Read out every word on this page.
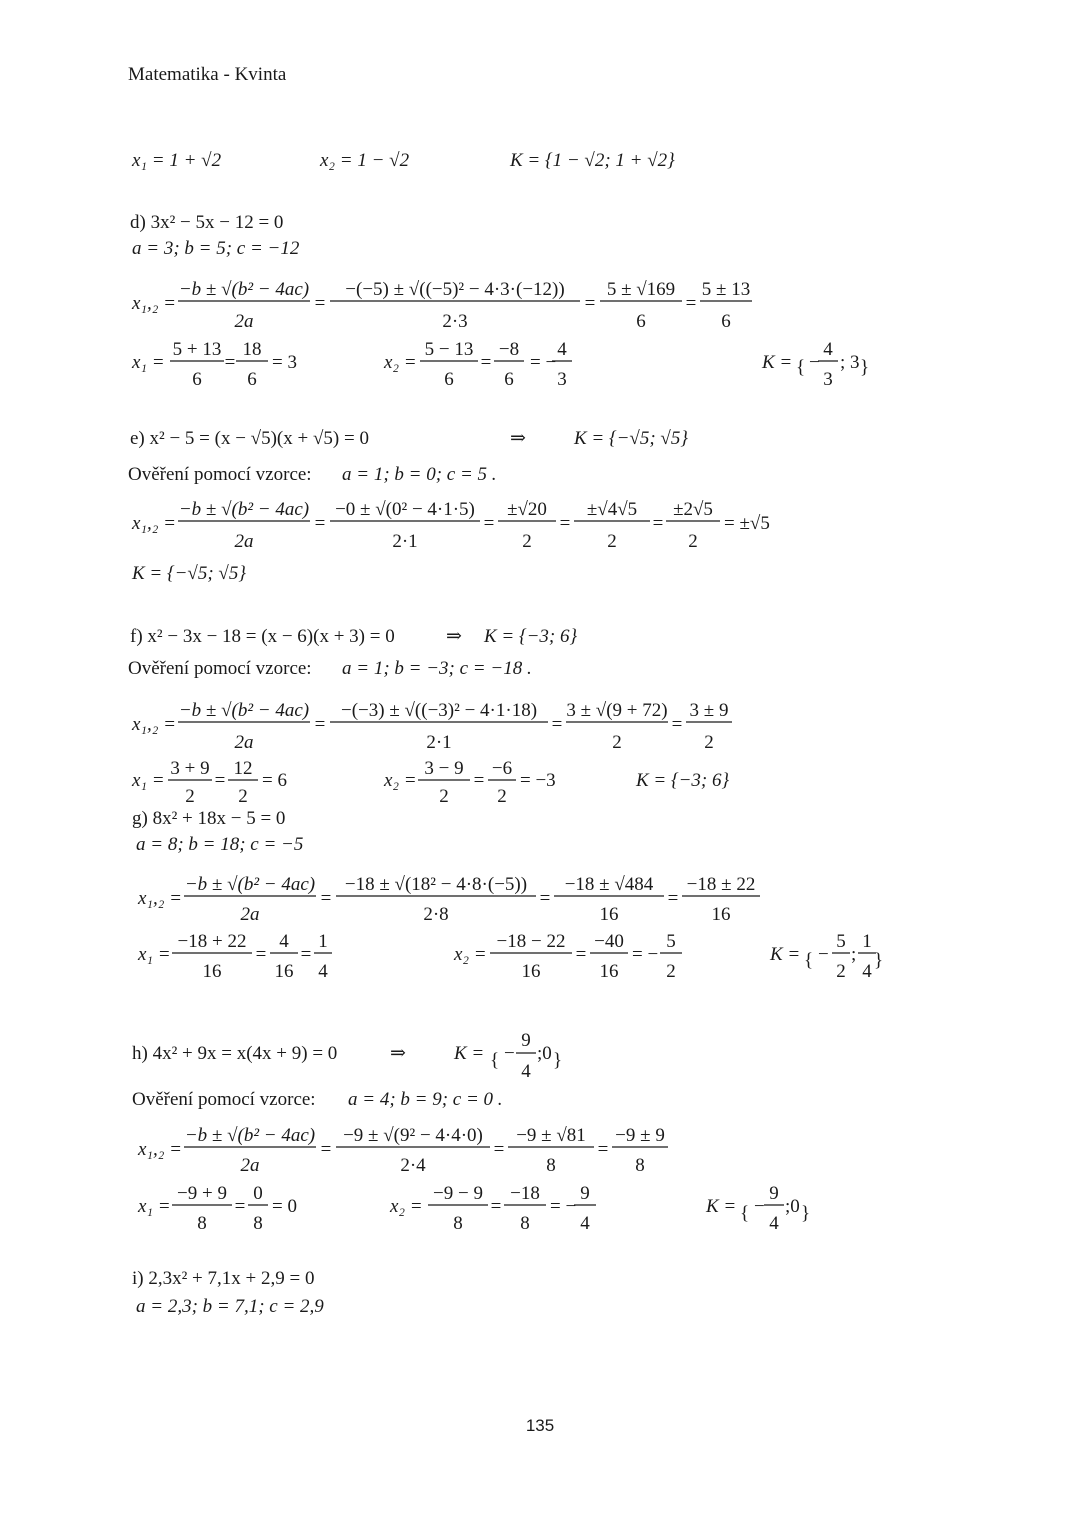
Matematika - Kvinta
x₁ = 1 + √2	x₂ = 1 − √2	K = {1 − √2; 1 + √2}
d) 3x² − 5x − 12 = 0
a = 3; b = 5; c = −12
x₁,₂ =
−b ± √(b² − 4ac)
2a
=
−(−5) ± √((−5)² − 4·3·(−12))
2·3
=
5 ± √169
6
=
5 ± 13
6
x₁ =
5 + 13
6
=
18
6
= 3	x₂ =
5 − 13
6
=
−8
6
= −
4
3
K = { −
4
3
; 3 }
e) x² − 5 = (x − √5)(x + √5) = 0	⇒	K = {−√5; √5}
Ověření pomocí vzorce: a = 1; b = 0; c = 5 .
x₁,₂ =
−b ± √(b² − 4ac)
2a
=
−0 ± √(0² − 4·1·5)
2·1
=
±√20
2
=
±√4√5
2
=
±2√5
2
= ±√5
K = {−√5; √5}
f) x² − 3x − 18 = (x − 6)(x + 3) = 0	⇒ K = {−3; 6}
Ověření pomocí vzorce: a = 1; b = −3; c = −18 .
x₁,₂ =
−b ± √(b² − 4ac)
2a
=
−(−3) ± √((−3)² − 4·1·18)
2·1
=
3 ± √(9 + 72)
2
=
3 ± 9
2
x₁ =
3 + 9
2
=
12
2
= 6	x₂ =
3 − 9
2
=
−6
2
= −3	K = {−3; 6}
g) 8x² + 18x − 5 = 0
a = 8; b = 18; c = −5
x₁,₂ =
−b ± √(b² − 4ac)
2a
=
−18 ± √(18² − 4·8·(−5))
2·8
=
−18 ± √484
16
=
−18 ± 22
16
x₁ =
−18 + 22
16
=
4
16
=
1
4
x₂ =
−18 − 22
16
=
−40
16
= −
5
2
K = { −
5
2
;
1
4
}
h) 4x² + 9x = x(4x + 9) = 0	⇒	K = { −
9
4
;0 }
Ověření pomocí vzorce: a = 4; b = 9; c = 0 .
x₁,₂ =
−b ± √(b² − 4ac)
2a
=
−9 ± √(9² − 4·4·0)
2·4
=
−9 ± √81
8
=
−9 ± 9
8
x₁ =
−9 + 9
8
=
0
8
= 0	x₂ =
−9 − 9
8
=
−18
8
= −
9
4
K = { −
9
4
;0 }
i) 2,3x² + 7,1x + 2,9 = 0
a = 2,3; b = 7,1; c = 2,9
135
